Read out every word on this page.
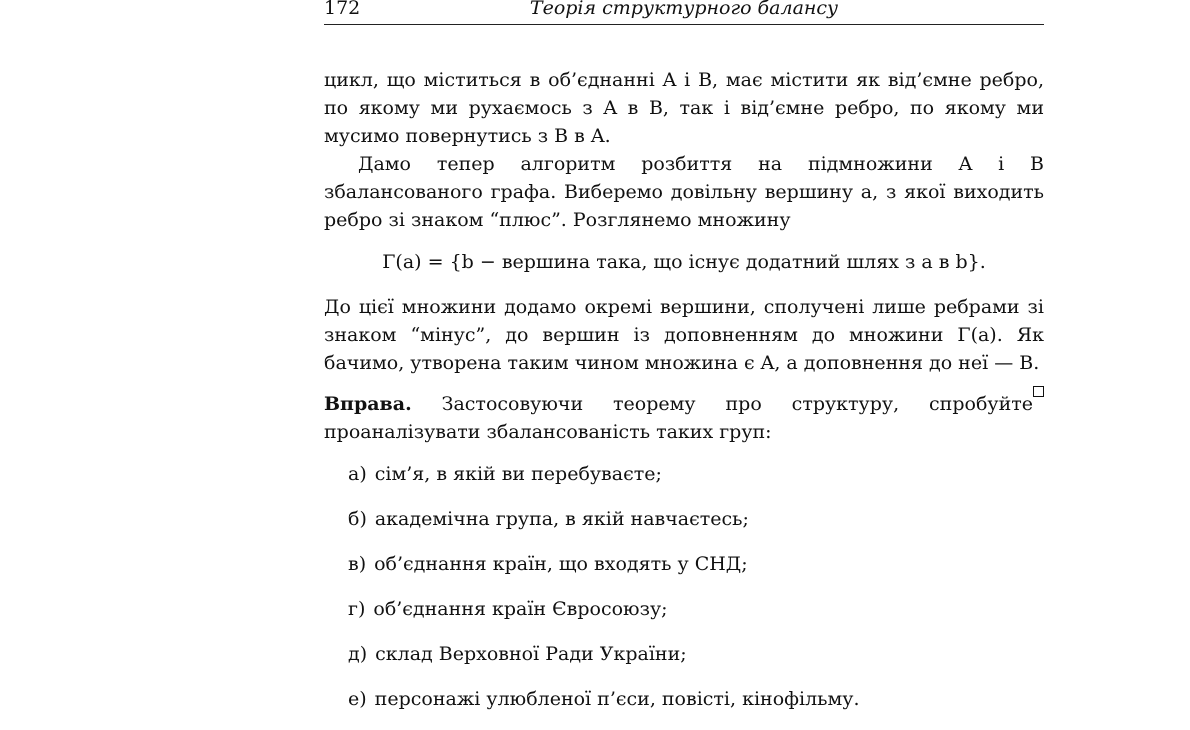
172	Теорія структурного балансу

цикл, що міститься в об’єднанні A і B, має містити як від’ємне ребро, по якому ми рухаємось з A в B, так і від’ємне ребро, по якому ми мусимо повернутись з B в A.

Дамо тепер алгоритм розбиття на підмножини A і B збалансованого графа. Виберемо довільну вершину a, з якої виходить ребро зі знаком “плюс”. Розглянемо множину

Γ(a) = {b − вершина така, що існує додатний шлях з a в b}.

До цієї множини додамо окремі вершини, сполучені лише ребрами зі знаком “мінус”, до вершин із доповненням до множини Γ(a). Як бачимо, утворена таким чином множина є A, а доповнення до неї — B.

Вправа. Застосовуючи теорему про структуру, спробуйте проаналізувати збалансованість таких груп:

а) сім’я, в якій ви перебуваєте;
б) академічна група, в якій навчаєтесь;
в) об’єднання країн, що входять у СНД;
г) об’єднання країн Євросоюзу;
д) склад Верховної Ради України;
е) персонажі улюбленої п’єси, повісті, кінофільму.
